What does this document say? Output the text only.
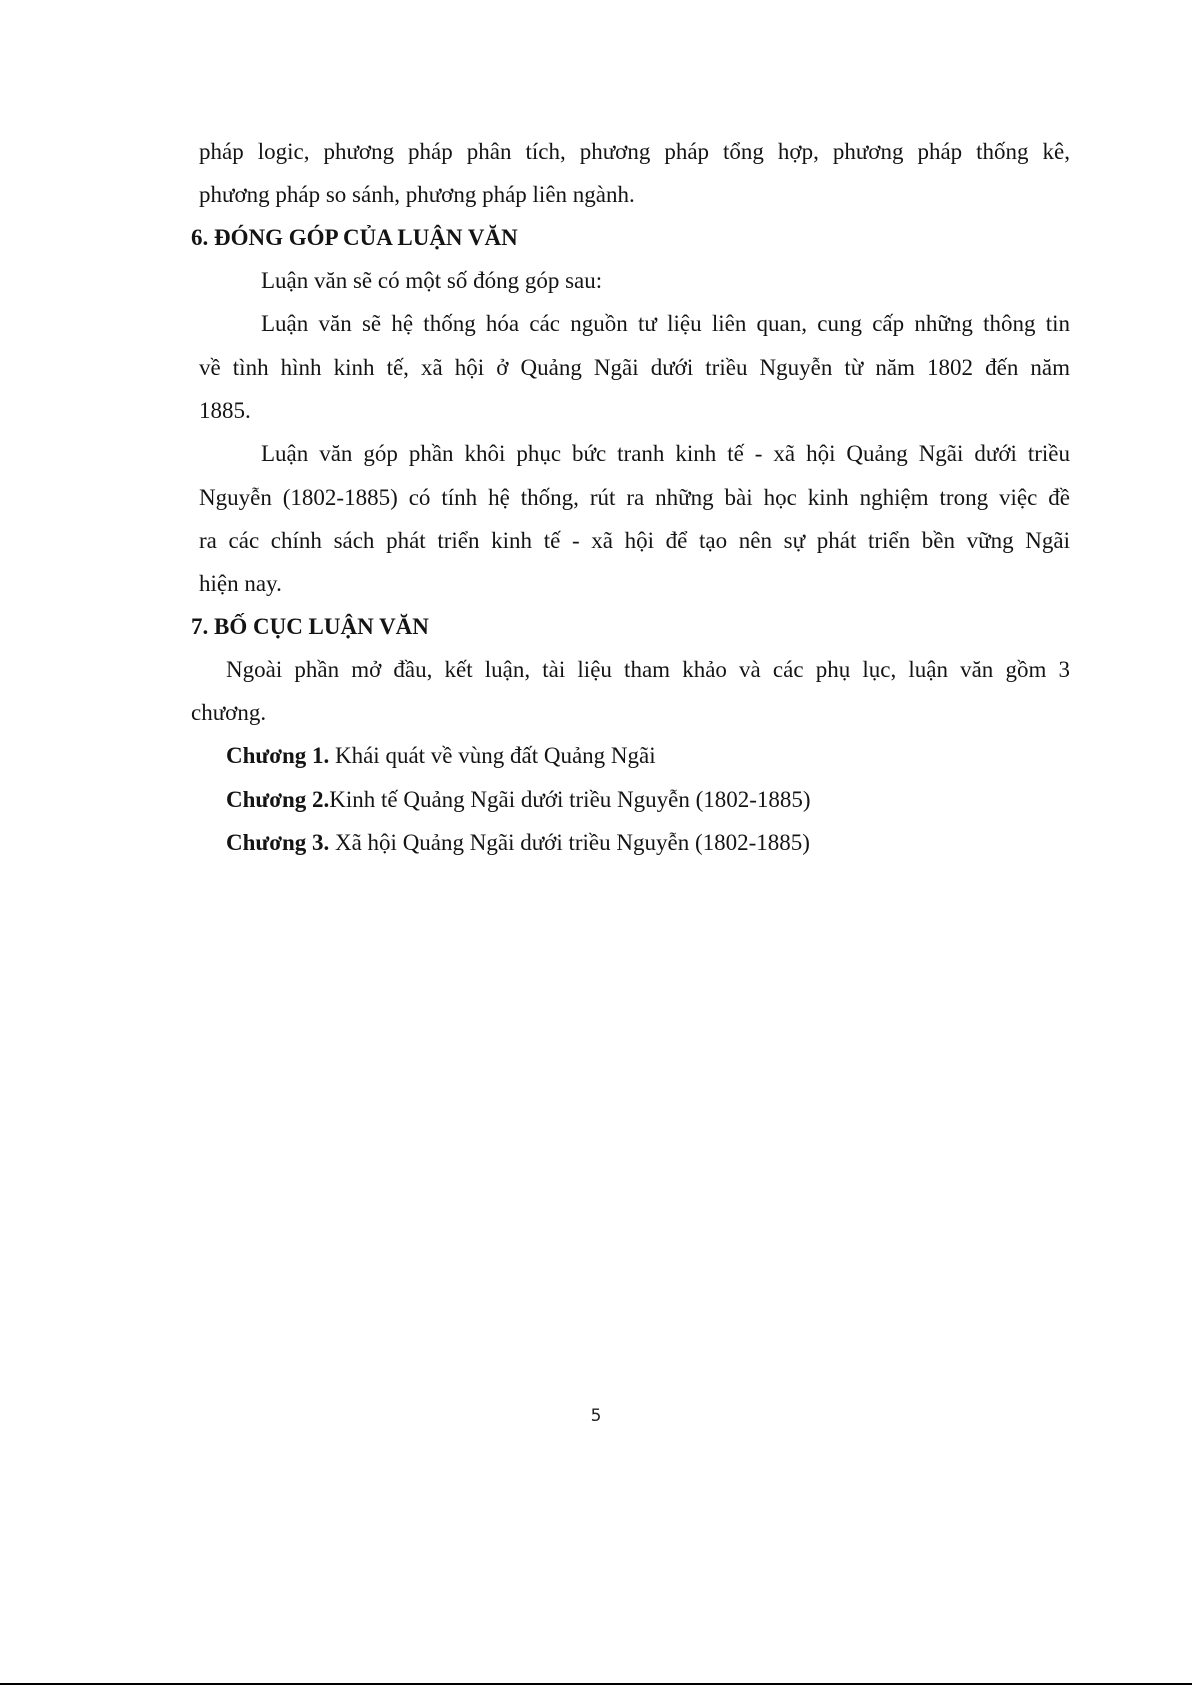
pháp logic, phương pháp phân tích, phương pháp tổng hợp, phương pháp thống kê,
phương pháp so sánh, phương pháp liên ngành.
6. ĐÓNG GÓP CỦA LUẬN VĂN
Luận văn sẽ có một số đóng góp sau:
Luận văn sẽ hệ thống hóa các nguồn tư liệu liên quan, cung cấp những thông tin
về tình hình kinh tế, xã hội ở Quảng Ngãi dưới triều Nguyễn từ năm 1802 đến năm
1885.
Luận văn góp phần khôi phục bức tranh kinh tế - xã hội Quảng Ngãi dưới triều
Nguyễn (1802-1885) có tính hệ thống, rút ra những bài học kinh nghiệm trong việc đề
ra các chính sách phát triển kinh tế - xã hội để tạo nên sự phát triển bền vững Ngãi
hiện nay.
7. BỐ CỤC LUẬN VĂN
Ngoài phần mở đầu, kết luận, tài liệu tham khảo và các phụ lục, luận văn gồm 3
chương.
Chương 1. Khái quát về vùng đất Quảng Ngãi
Chương 2.Kinh tế Quảng Ngãi dưới triều Nguyễn (1802-1885)
Chương 3. Xã hội Quảng Ngãi dưới triều Nguyễn (1802-1885)
5
